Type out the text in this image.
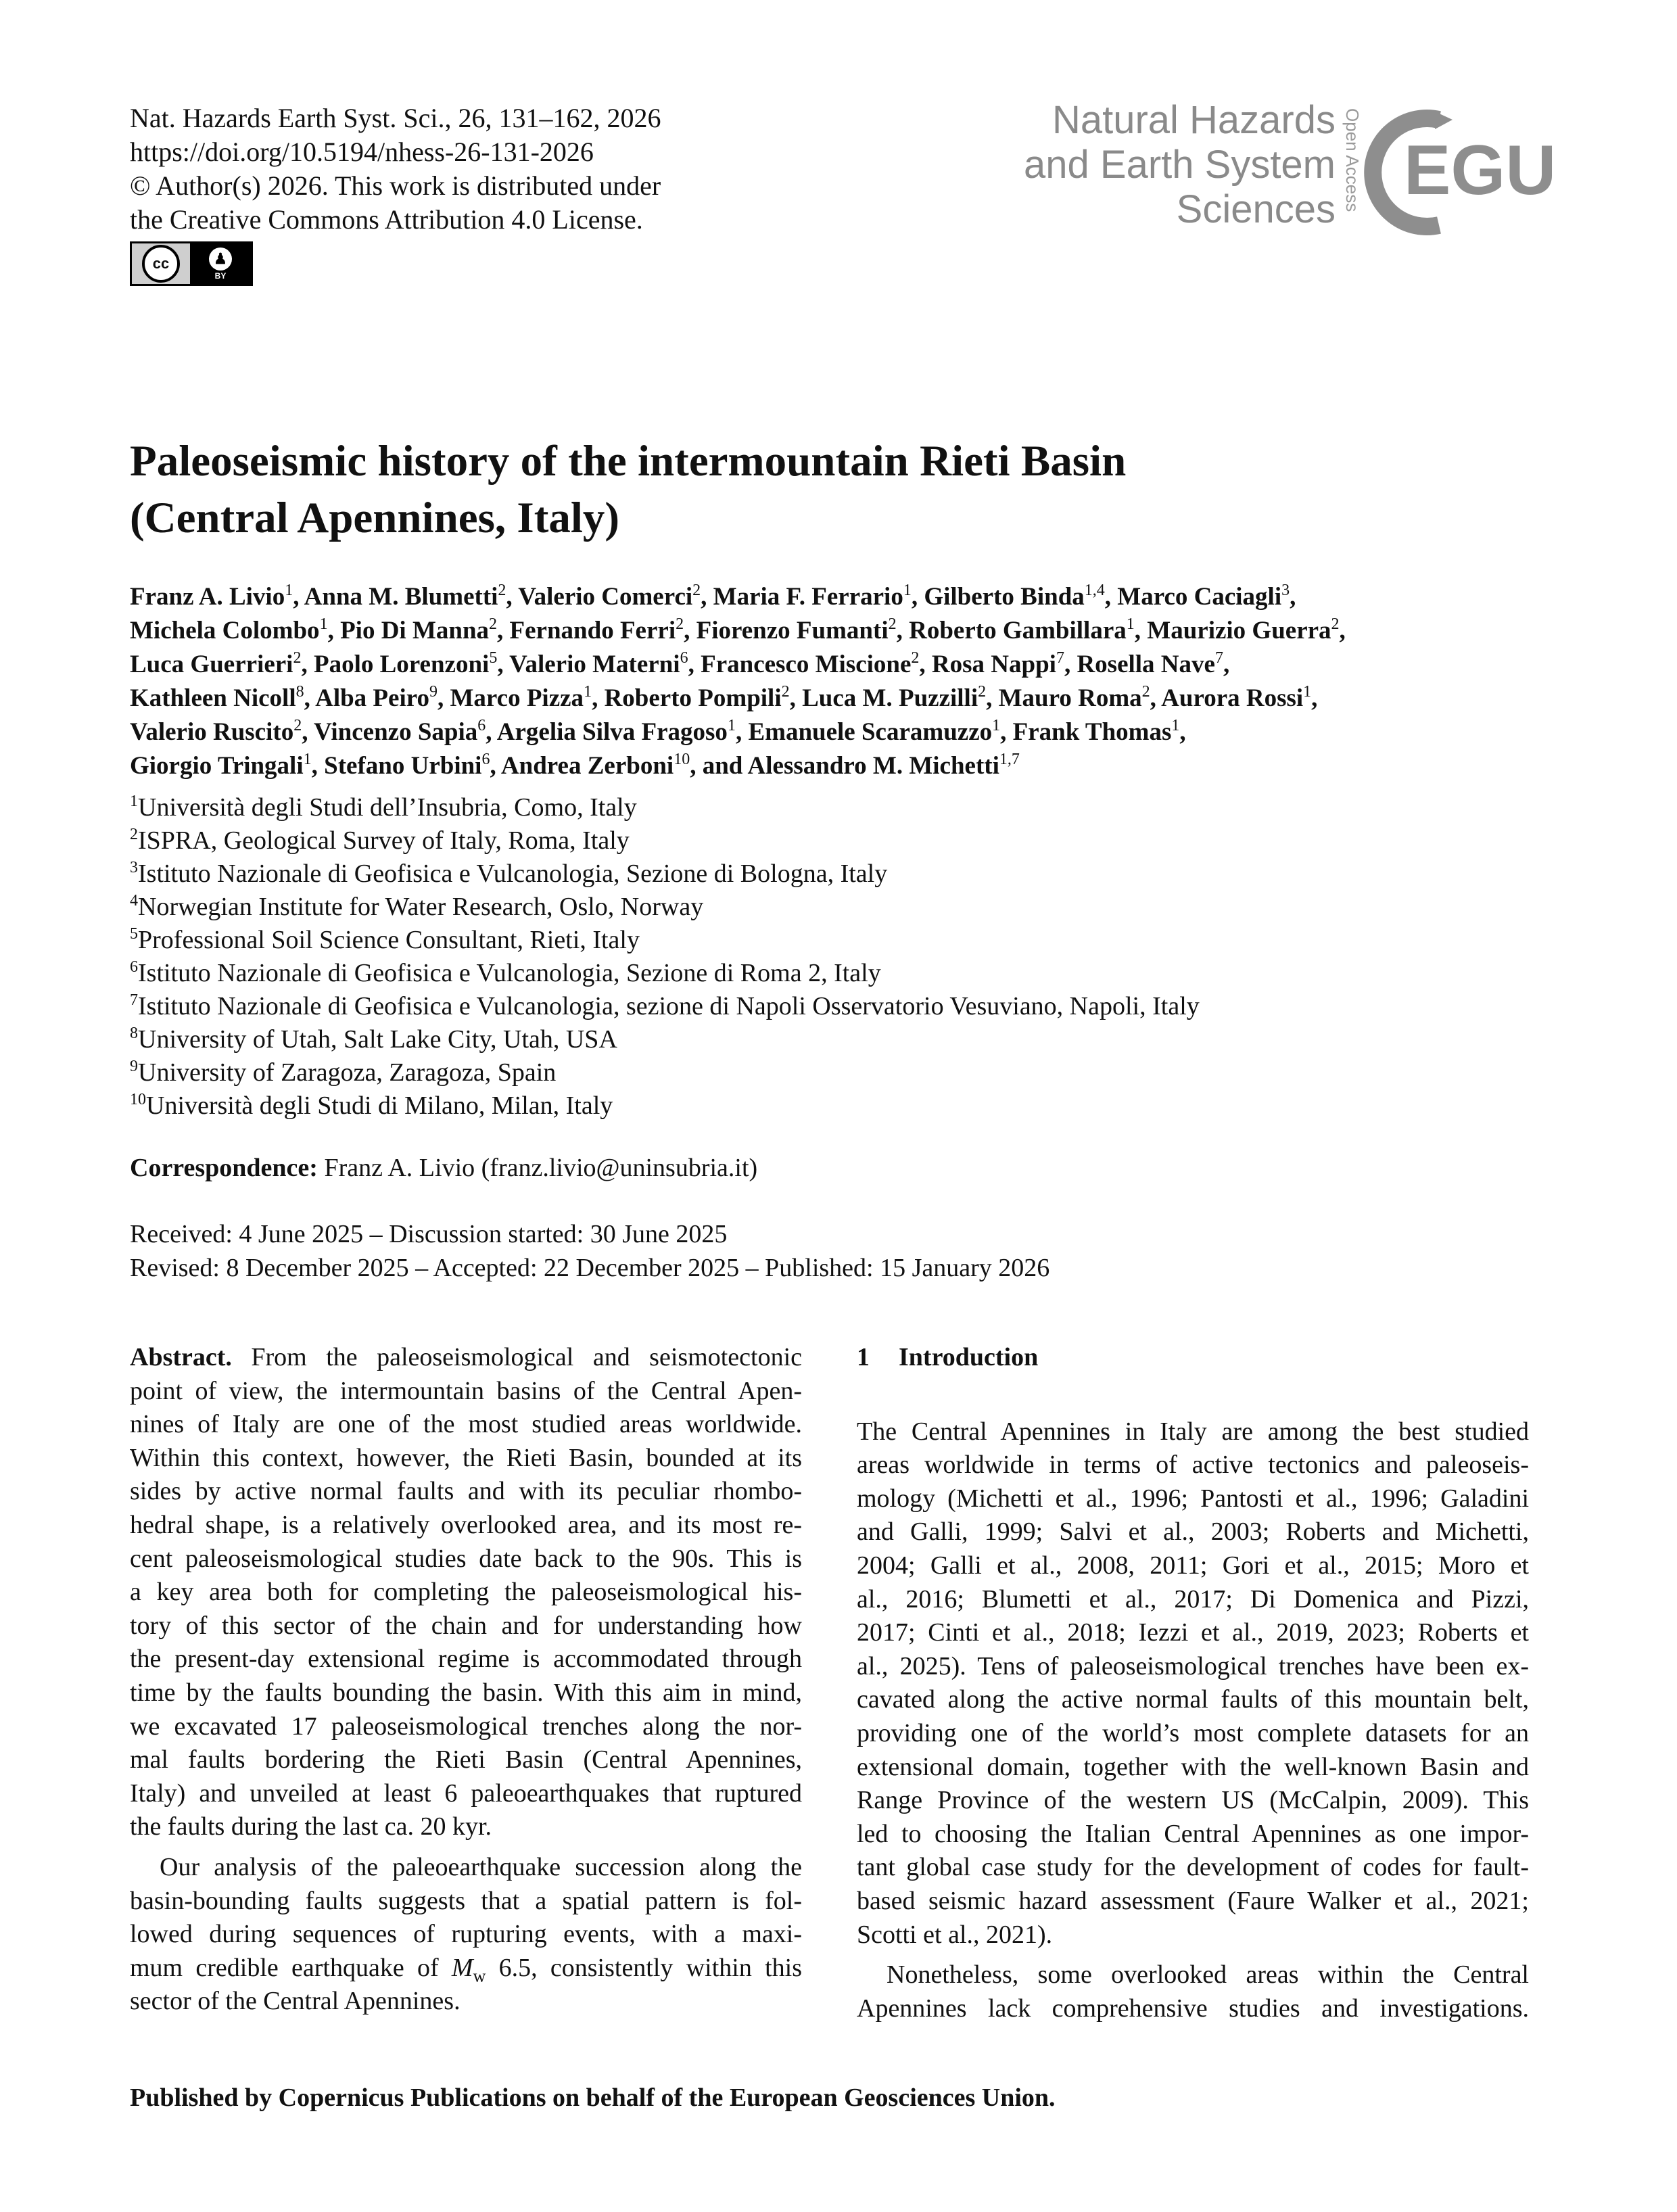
Nat. Hazards Earth Syst. Sci., 26, 131–162, 2026
https://doi.org/10.5194/nhess-26-131-2026
© Author(s) 2026. This work is distributed under
the Creative Commons Attribution 4.0 License.
cc	♟
BY
Natural Hazards
and Earth System
Sciences Open Access EGU
Paleoseismic history of the intermountain Rieti Basin
(Central Apennines, Italy)
Franz A. Livio$^1$, Anna M. Blumetti$^2$, Valerio Comerci$^2$, Maria F. Ferrario$^1$, Gilberto Binda$^{1,4}$, Marco Caciagli$^3$,
Michela Colombo$^1$, Pio Di Manna$^2$, Fernando Ferri$^2$, Fiorenzo Fumanti$^2$, Roberto Gambillara$^1$, Maurizio Guerra$^2$,
Luca Guerrieri$^2$, Paolo Lorenzoni$^5$, Valerio Materni$^6$, Francesco Miscione$^2$, Rosa Nappi$^7$, Rosella Nave$^7$,
Kathleen Nicoll$^8$, Alba Peiro$^9$, Marco Pizza$^1$, Roberto Pompili$^2$, Luca M. Puzzilli$^2$, Mauro Roma$^2$, Aurora Rossi$^1$,
Valerio Ruscito$^2$, Vincenzo Sapia$^6$, Argelia Silva Fragoso$^1$, Emanuele Scaramuzzo$^1$, Frank Thomas$^1$,
Giorgio Tringali$^1$, Stefano Urbini$^6$, Andrea Zerboni$^{10}$, and Alessandro M. Michetti$^{1,7}$
$^1$Università degli Studi dell’Insubria, Como, Italy
$^2$ISPRA, Geological Survey of Italy, Roma, Italy
$^3$Istituto Nazionale di Geofisica e Vulcanologia, Sezione di Bologna, Italy
$^4$Norwegian Institute for Water Research, Oslo, Norway
$^5$Professional Soil Science Consultant, Rieti, Italy
$^6$Istituto Nazionale di Geofisica e Vulcanologia, Sezione di Roma 2, Italy
$^7$Istituto Nazionale di Geofisica e Vulcanologia, sezione di Napoli Osservatorio Vesuviano, Napoli, Italy
$^8$University of Utah, Salt Lake City, Utah, USA
$^9$University of Zaragoza, Zaragoza, Spain
$^{10}$Università degli Studi di Milano, Milan, Italy
Correspondence: Franz A. Livio (franz.livio@uninsubria.it)
Received: 4 June 2025 – Discussion started: 30 June 2025
Revised: 8 December 2025 – Accepted: 22 December 2025 – Published: 15 January 2026
Abstract. From the paleoseismological and seismotectonic
point of view, the intermountain basins of the Central Apen-
nines of Italy are one of the most studied areas worldwide.
Within this context, however, the Rieti Basin, bounded at its
sides by active normal faults and with its peculiar rhombo-
hedral shape, is a relatively overlooked area, and its most re-
cent paleoseismological studies date back to the 90s. This is
a key area both for completing the paleoseismological his-
tory of this sector of the chain and for understanding how
the present-day extensional regime is accommodated through
time by the faults bounding the basin. With this aim in mind,
we excavated 17 paleoseismological trenches along the nor-
mal faults bordering the Rieti Basin (Central Apennines,
Italy) and unveiled at least 6 paleoearthquakes that ruptured
the faults during the last ca. 20 kyr.
Our analysis of the paleoearthquake succession along the
basin-bounding faults suggests that a spatial pattern is fol-
lowed during sequences of rupturing events, with a maxi-
mum credible earthquake of $M_w$ 6.5, consistently within this
sector of the Central Apennines.
1 Introduction
The Central Apennines in Italy are among the best studied
areas worldwide in terms of active tectonics and paleoseis-
mology (Michetti et al., 1996; Pantosti et al., 1996; Galadini
and Galli, 1999; Salvi et al., 2003; Roberts and Michetti,
2004; Galli et al., 2008, 2011; Gori et al., 2015; Moro et
al., 2016; Blumetti et al., 2017; Di Domenica and Pizzi,
2017; Cinti et al., 2018; Iezzi et al., 2019, 2023; Roberts et
al., 2025). Tens of paleoseismological trenches have been ex-
cavated along the active normal faults of this mountain belt,
providing one of the world’s most complete datasets for an
extensional domain, together with the well-known Basin and
Range Province of the western US (McCalpin, 2009). This
led to choosing the Italian Central Apennines as one impor-
tant global case study for the development of codes for fault-
based seismic hazard assessment (Faure Walker et al., 2021;
Scotti et al., 2021).
Nonetheless, some overlooked areas within the Central
Apennines lack comprehensive studies and investigations.
Published by Copernicus Publications on behalf of the European Geosciences Union.
